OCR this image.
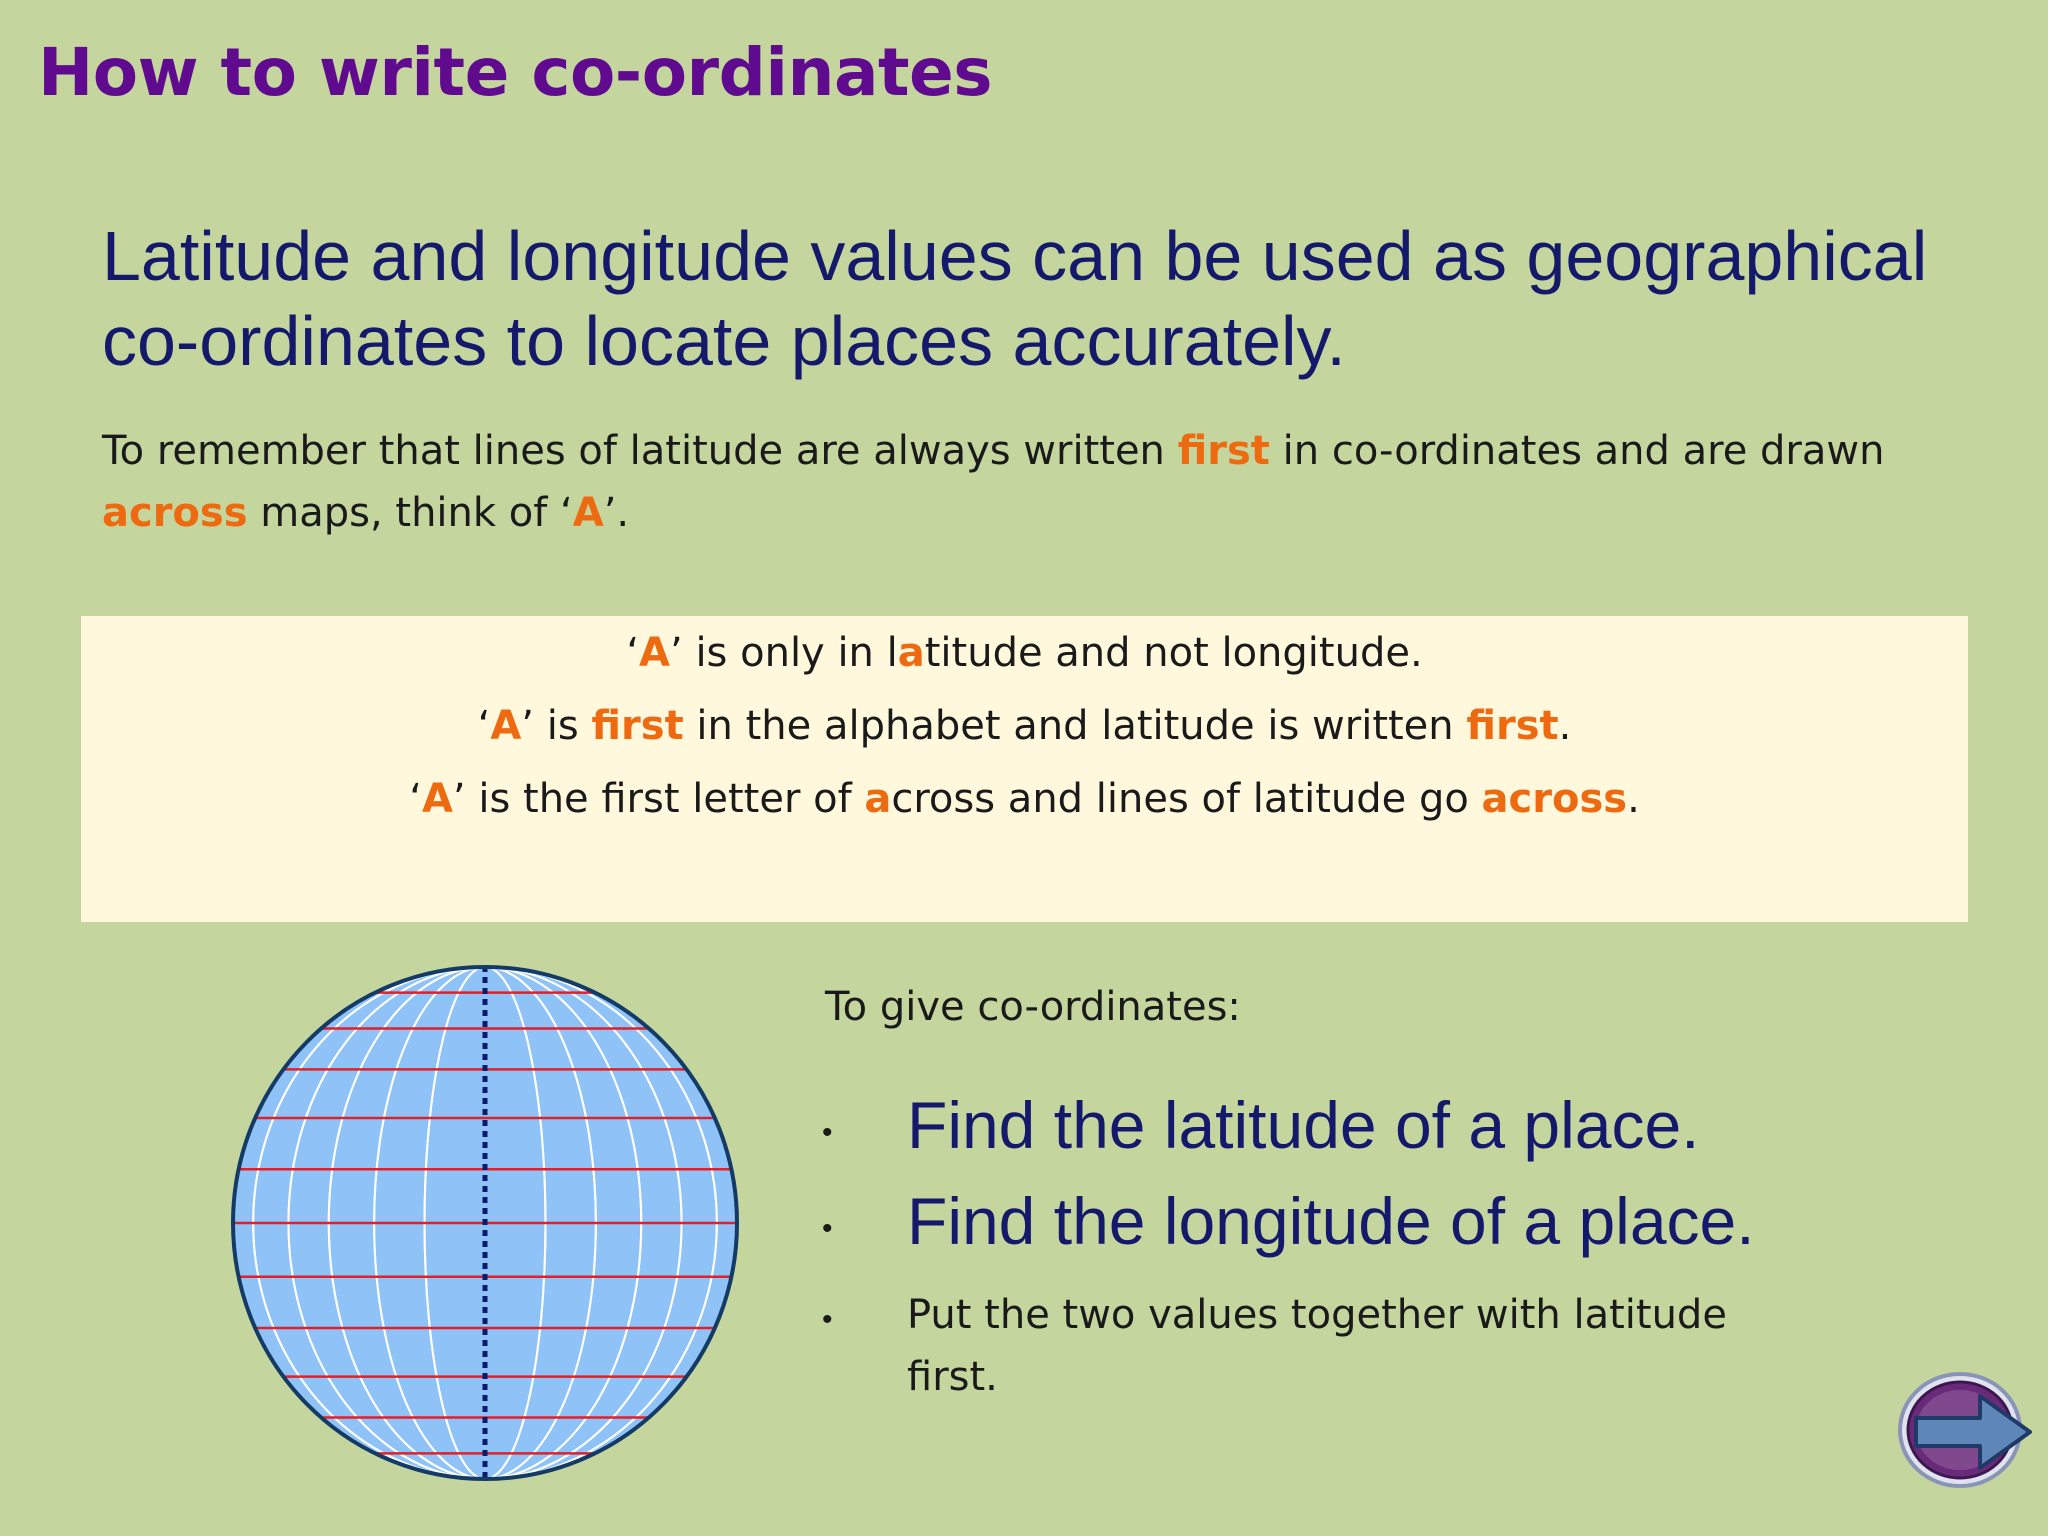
How to write co-ordinates

Latitude and longitude values can be used as geographical
co-ordinates to locate places accurately.

To remember that lines of latitude are always written first in co-ordinates and are drawn
across maps, think of ‘A’.

‘A’ is only in latitude and not longitude.

‘A’ is first in the alphabet and latitude is written first.

‘A’ is the first letter of across and lines of latitude go across.

To give co-ordinates:

• Find the latitude of a place.

• Find the longitude of a place.

• Put the two values together with latitude
first.
